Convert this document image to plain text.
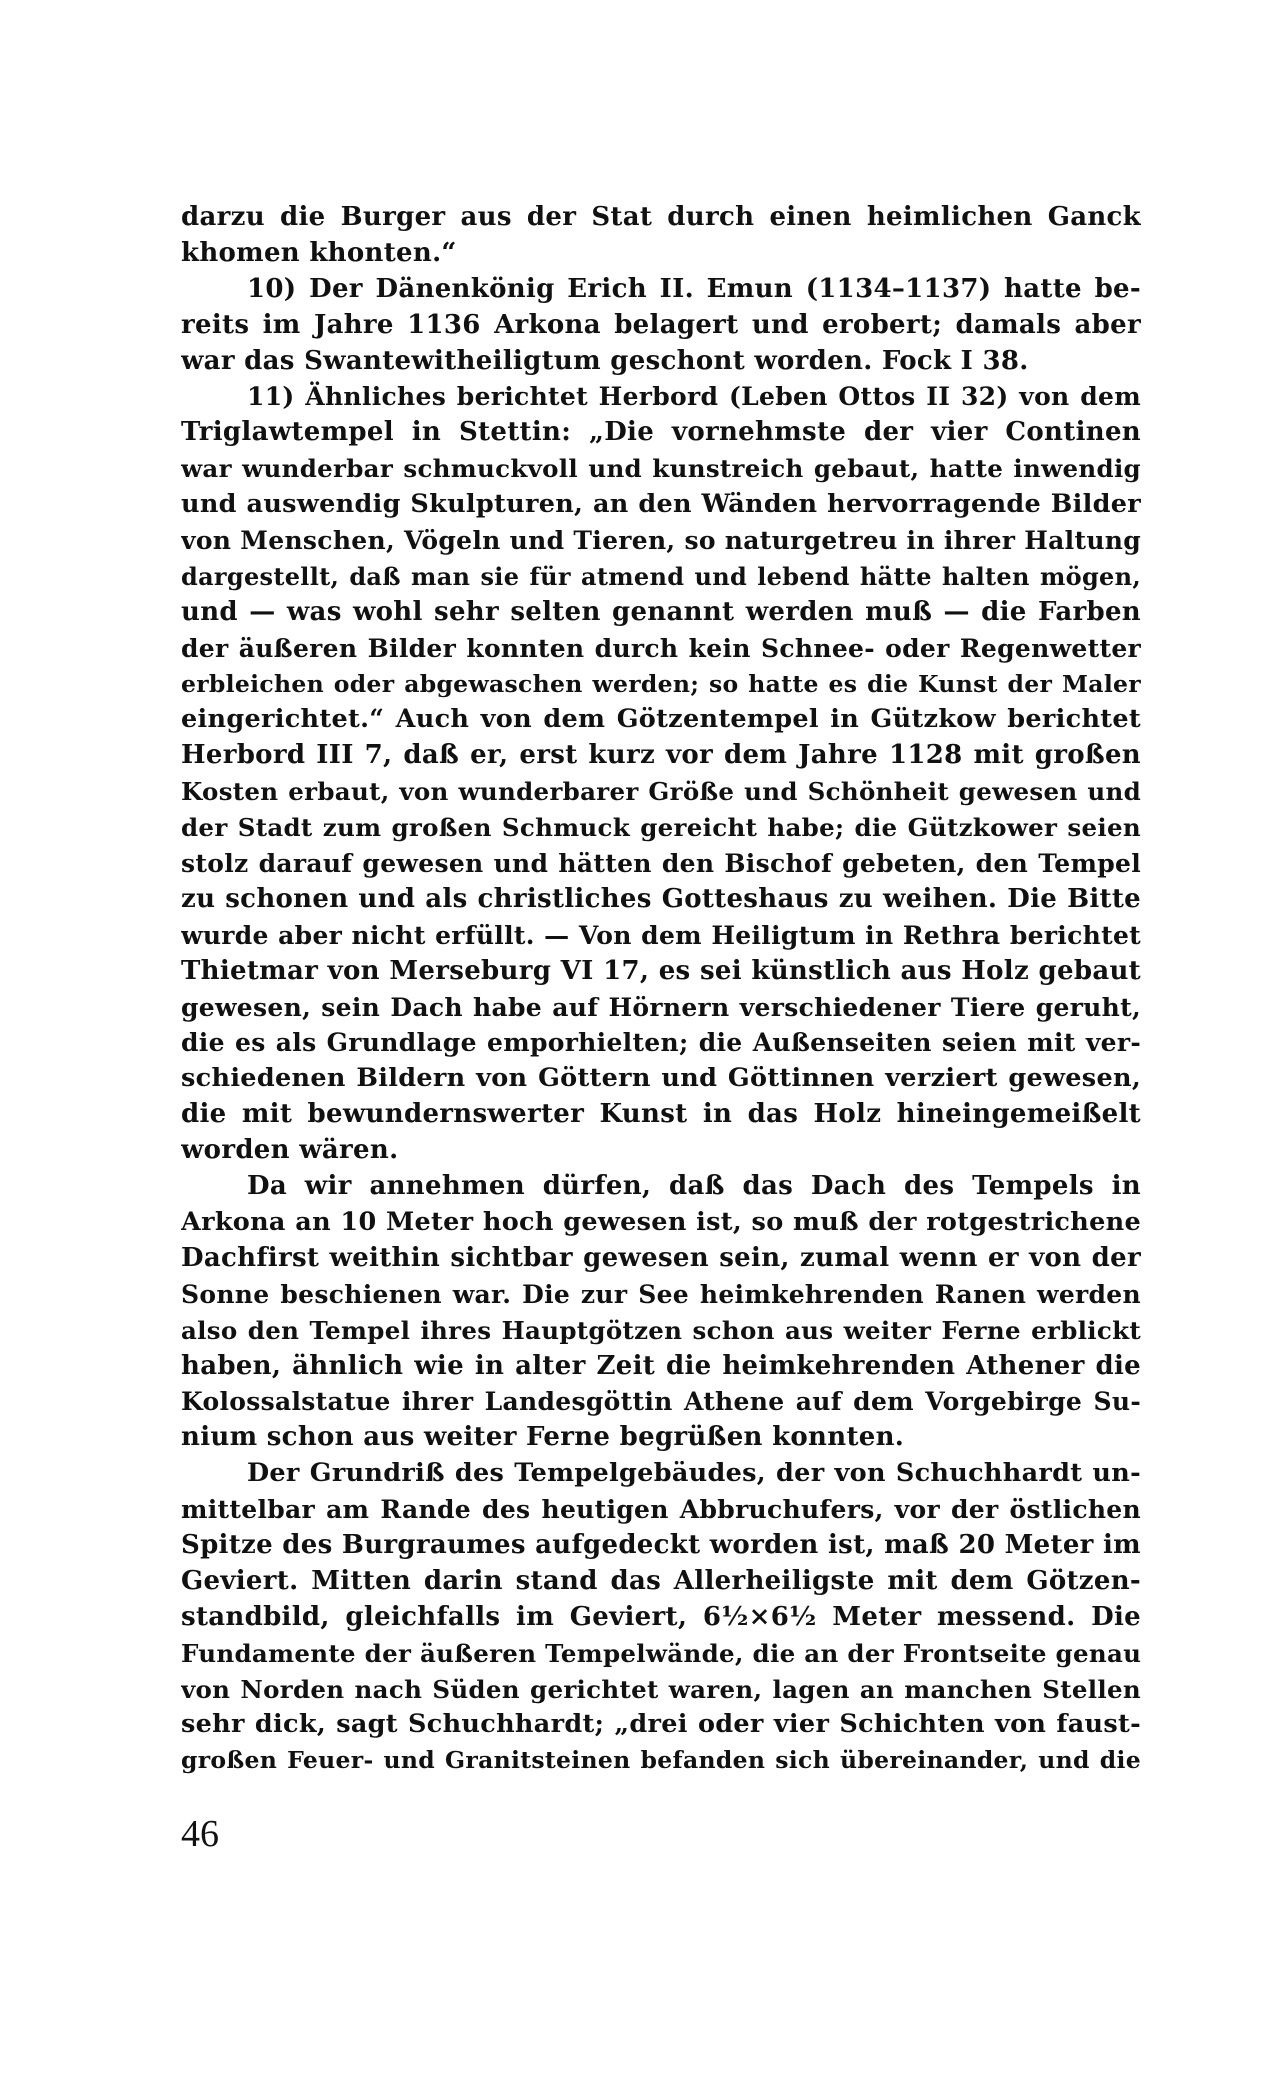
darzu die Burger aus der Stat durch einen heimlichen Ganck
khomen khonten.“
10) Der Dänenkönig Erich II. Emun (1134–1137) hatte be-
reits im Jahre 1136 Arkona belagert und erobert; damals aber
war das Swantewitheiligtum geschont worden. Fock I 38.
11) Ähnliches berichtet Herbord (Leben Ottos II 32) von dem
Triglawtempel in Stettin: „Die vornehmste der vier Continen
war wunderbar schmuckvoll und kunstreich gebaut, hatte inwendig
und auswendig Skulpturen, an den Wänden hervorragende Bilder
von Menschen, Vögeln und Tieren, so naturgetreu in ihrer Haltung
dargestellt, daß man sie für atmend und lebend hätte halten mögen,
und — was wohl sehr selten genannt werden muß — die Farben
der äußeren Bilder konnten durch kein Schnee- oder Regenwetter
erbleichen oder abgewaschen werden; so hatte es die Kunst der Maler
eingerichtet.“ Auch von dem Götzentempel in Gützkow berichtet
Herbord III 7, daß er, erst kurz vor dem Jahre 1128 mit großen
Kosten erbaut, von wunderbarer Größe und Schönheit gewesen und
der Stadt zum großen Schmuck gereicht habe; die Gützkower seien
stolz darauf gewesen und hätten den Bischof gebeten, den Tempel
zu schonen und als christliches Gotteshaus zu weihen. Die Bitte
wurde aber nicht erfüllt. — Von dem Heiligtum in Rethra berichtet
Thietmar von Merseburg VI 17, es sei künstlich aus Holz gebaut
gewesen, sein Dach habe auf Hörnern verschiedener Tiere geruht,
die es als Grundlage emporhielten; die Außenseiten seien mit ver-
schiedenen Bildern von Göttern und Göttinnen verziert gewesen,
die mit bewundernswerter Kunst in das Holz hineingemeißelt
worden wären.
Da wir annehmen dürfen, daß das Dach des Tempels in
Arkona an 10 Meter hoch gewesen ist, so muß der rotgestrichene
Dachfirst weithin sichtbar gewesen sein, zumal wenn er von der
Sonne beschienen war. Die zur See heimkehrenden Ranen werden
also den Tempel ihres Hauptgötzen schon aus weiter Ferne erblickt
haben, ähnlich wie in alter Zeit die heimkehrenden Athener die
Kolossalstatue ihrer Landesgöttin Athene auf dem Vorgebirge Su-
nium schon aus weiter Ferne begrüßen konnten.
Der Grundriß des Tempelgebäudes, der von Schuchhardt un-
mittelbar am Rande des heutigen Abbruchufers, vor der östlichen
Spitze des Burgraumes aufgedeckt worden ist, maß 20 Meter im
Geviert. Mitten darin stand das Allerheiligste mit dem Götzen-
standbild, gleichfalls im Geviert, 6½×6½ Meter messend. Die
Fundamente der äußeren Tempelwände, die an der Frontseite genau
von Norden nach Süden gerichtet waren, lagen an manchen Stellen
sehr dick, sagt Schuchhardt; „drei oder vier Schichten von faust-
großen Feuer- und Granitsteinen befanden sich übereinander, und die
46
